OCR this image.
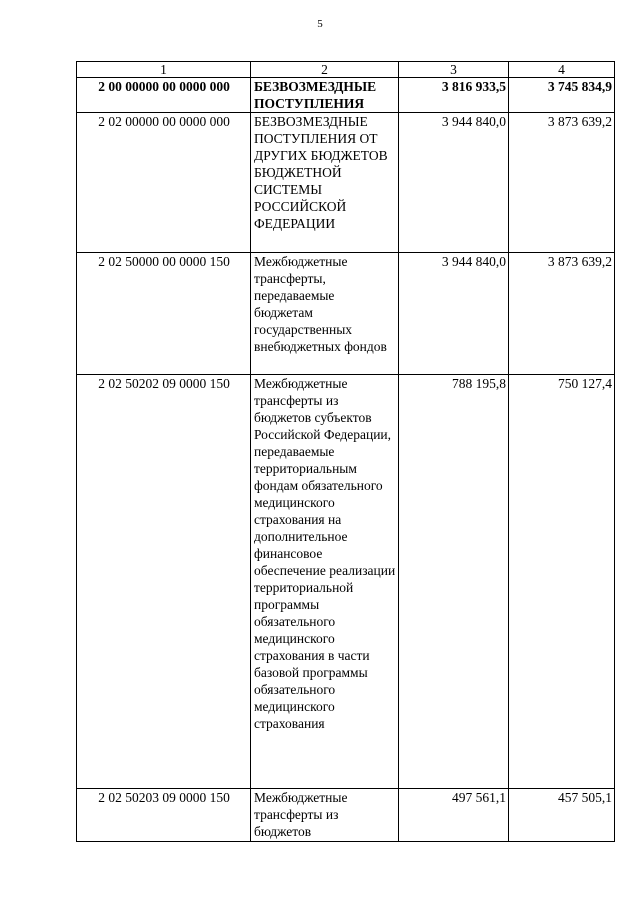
5
1	2	3	4
2 00 00000 00 0000 000	БЕЗВОЗМЕЗДНЫЕ ПОСТУПЛЕНИЯ	3 816 933,5	3 745 834,9
2 02 00000 00 0000 000	БЕЗВОЗМЕЗДНЫЕ ПОСТУПЛЕНИЯ ОТ ДРУГИХ БЮДЖЕТОВ БЮДЖЕТНОЙ СИСТЕМЫ РОССИЙСКОЙ ФЕДЕРАЦИИ	3 944 840,0	3 873 639,2
2 02 50000 00 0000 150	Межбюджетные трансферты, передаваемые бюджетам государственных внебюджетных фондов	3 944 840,0	3 873 639,2
2 02 50202 09 0000 150	Межбюджетные трансферты из бюджетов субъектов Российской Федерации, передаваемые территориальным фондам обязательного медицинского страхования на дополнительное финансовое обеспечение реализации территориальной программы обязательного медицинского страхования в части базовой программы обязательного медицинского страхования	788 195,8	750 127,4
2 02 50203 09 0000 150	Межбюджетные трансферты из бюджетов	497 561,1	457 505,1
